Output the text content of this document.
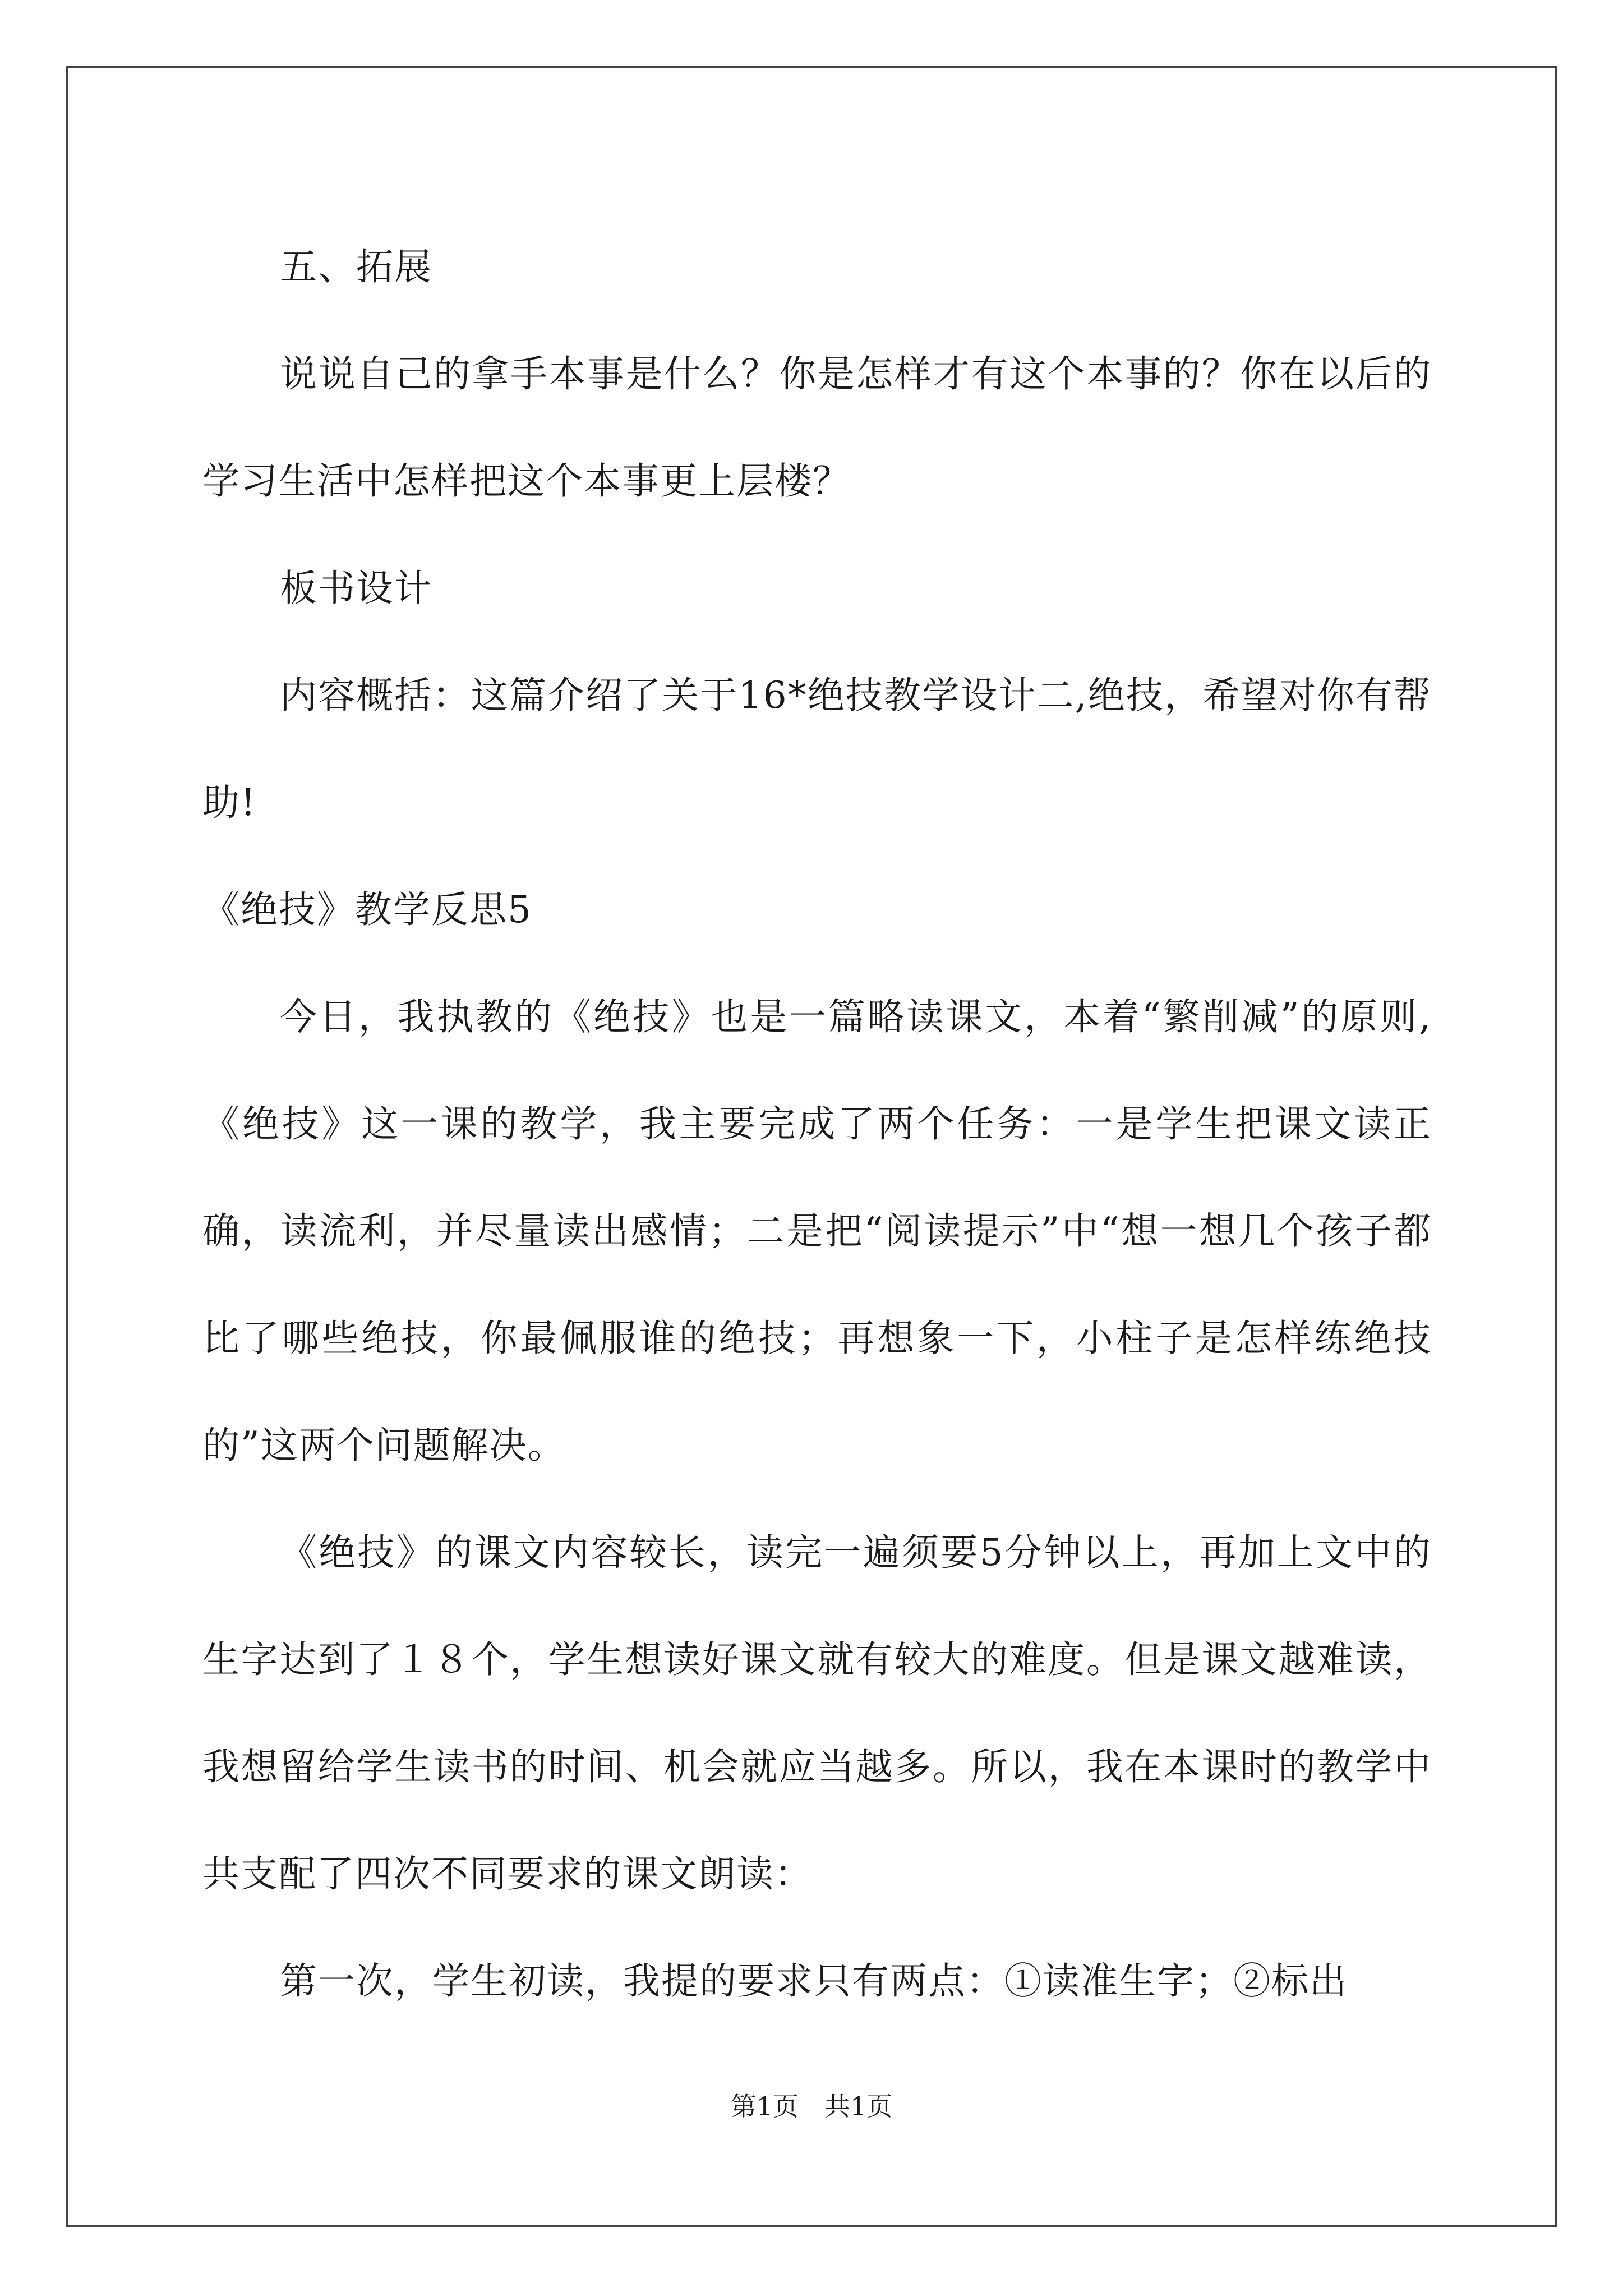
五、拓展

说说自己的拿手本事是什么？你是怎样才有这个本事的？你在以后的学习生活中怎样把这个本事更上层楼？

板书设计

内容概括：这篇介绍了关于16*绝技教学设计二,绝技，希望对你有帮助!

《绝技》教学反思5

今日，我执教的《绝技》也是一篇略读课文，本着“繁削减”的原则,《绝技》这一课的教学，我主要完成了两个任务：一是学生把课文读正确，读流利，并尽量读出感情；二是把“阅读提示”中“想一想几个孩子都比了哪些绝技，你最佩服谁的绝技；再想象一下，小柱子是怎样练绝技的”这两个问题解决。

《绝技》的课文内容较长，读完一遍须要5分钟以上，再加上文中的生字达到了１８个，学生想读好课文就有较大的难度。但是课文越难读，我想留给学生读书的时间、机会就应当越多。所以，我在本课时的教学中共支配了四次不同要求的课文朗读：

第一次，学生初读，我提的要求只有两点：①读准生字；②标出

第1页　共1页
